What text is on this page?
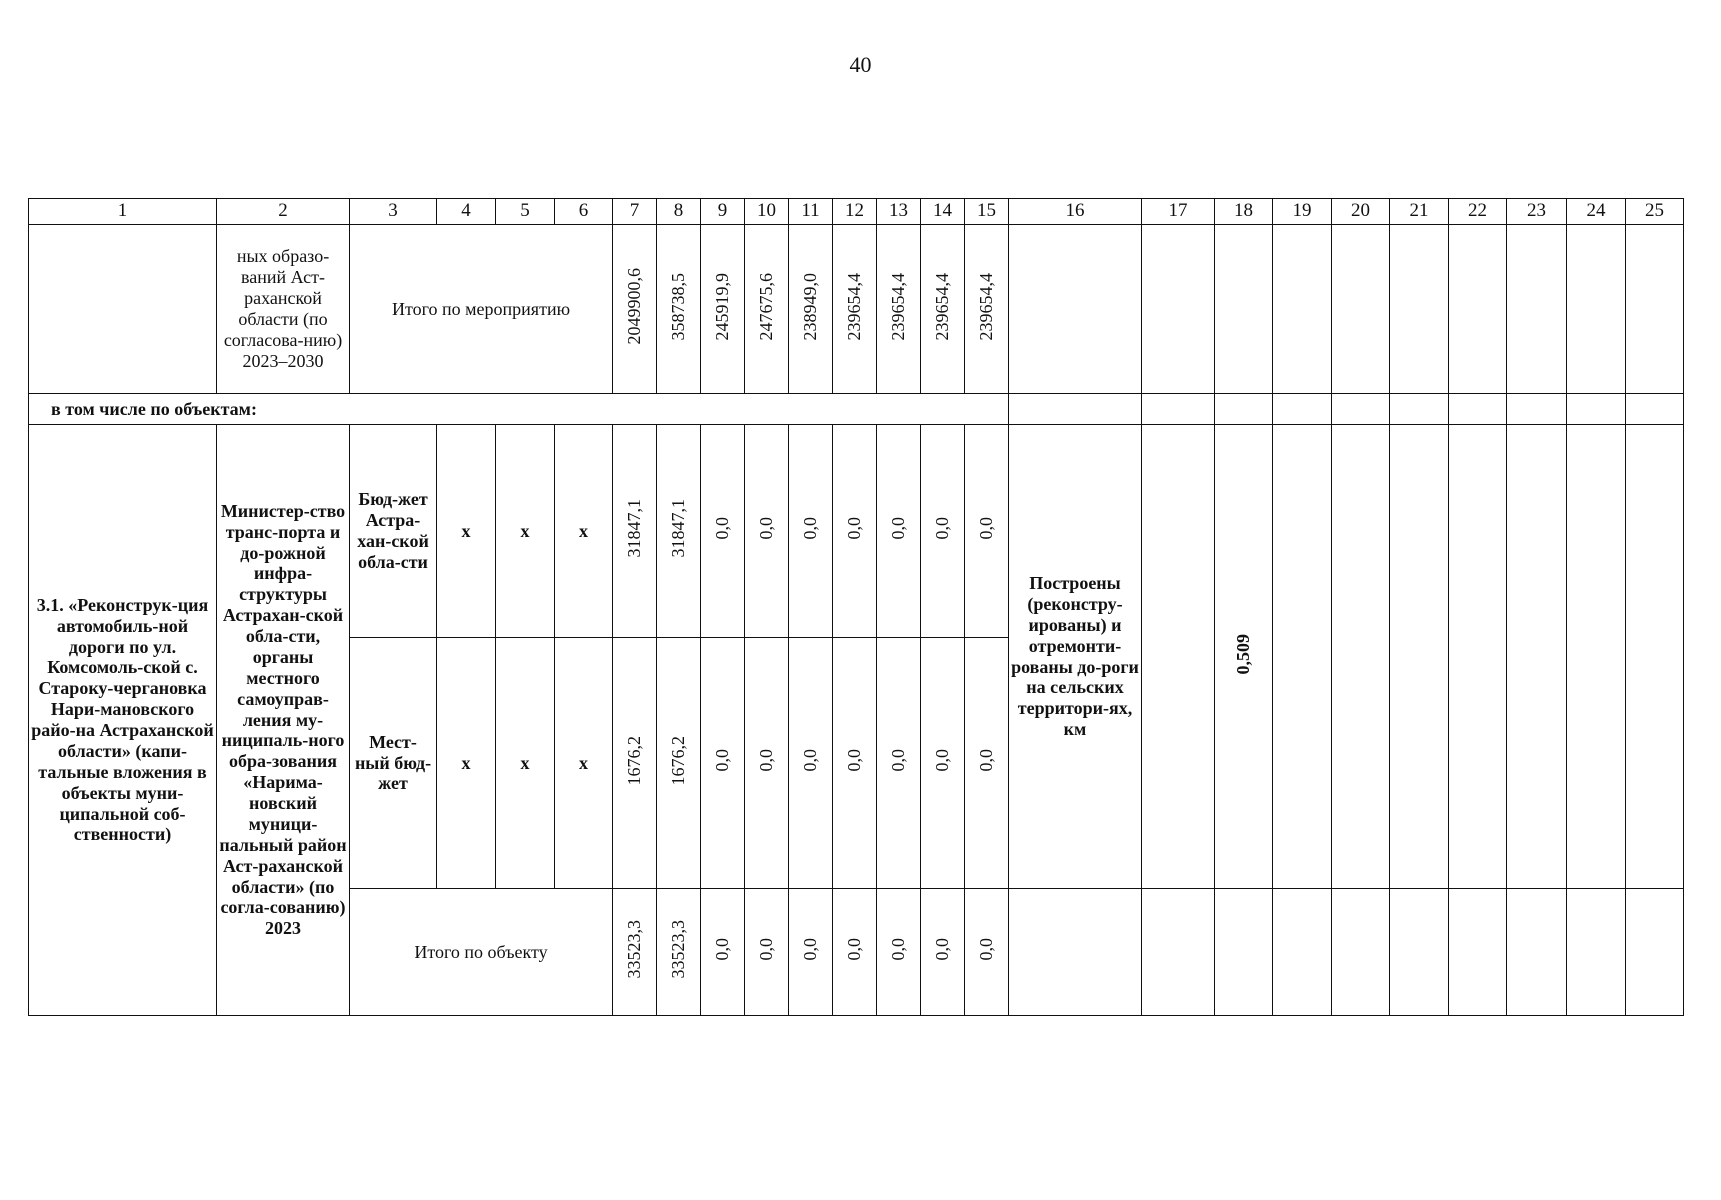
40
1	2	3	4	5	6	7	8	9	10	11	12	13	14	15	16	17	18	19	20	21	22	23	24	25

	ных образо-ваний Аст-раханской области (по согласова-нию) 2023–2030	Итого по мероприятию				2049900,6	358738,5	245919,9	247675,6	238949,0	239654,4	239654,4	239654,4	239654,4										
в том числе по объектам:																								

3.1. «Реконструк-ция автомобиль-ной дороги по ул. Комсомоль-ской с. Староку-чергановка Нари-мановского райо-на Астраханской области» (капи-тальные вложения в объекты муни-ципальной соб-ственности)	Министер-ство транс-порта и до-рожной инфра-структуры Астрахан-ской обла-сти, органы местного самоуправ-ления му-ниципаль-ного обра-зования «Нарима-новский муници-пальный район Аст-раханской области» (по согла-сованию) 2023	Бюд-жет Астра-хан-ской обла-сти	х	х	х	31847,1	31847,1	0,0	0,0	0,0	0,0	0,0	0,0	0,0	Построены (реконстру-ированы) и отремонти-рованы до-роги на сельских территори-ях, км		0,509							

		Мест-ный бюд-жет	х	х	х	1676,2	1676,2	0,0	0,0	0,0	0,0	0,0	0,0	0,0										
		Итого по объекту				33523,3	33523,3	0,0	0,0	0,0	0,0	0,0	0,0	0,0										
